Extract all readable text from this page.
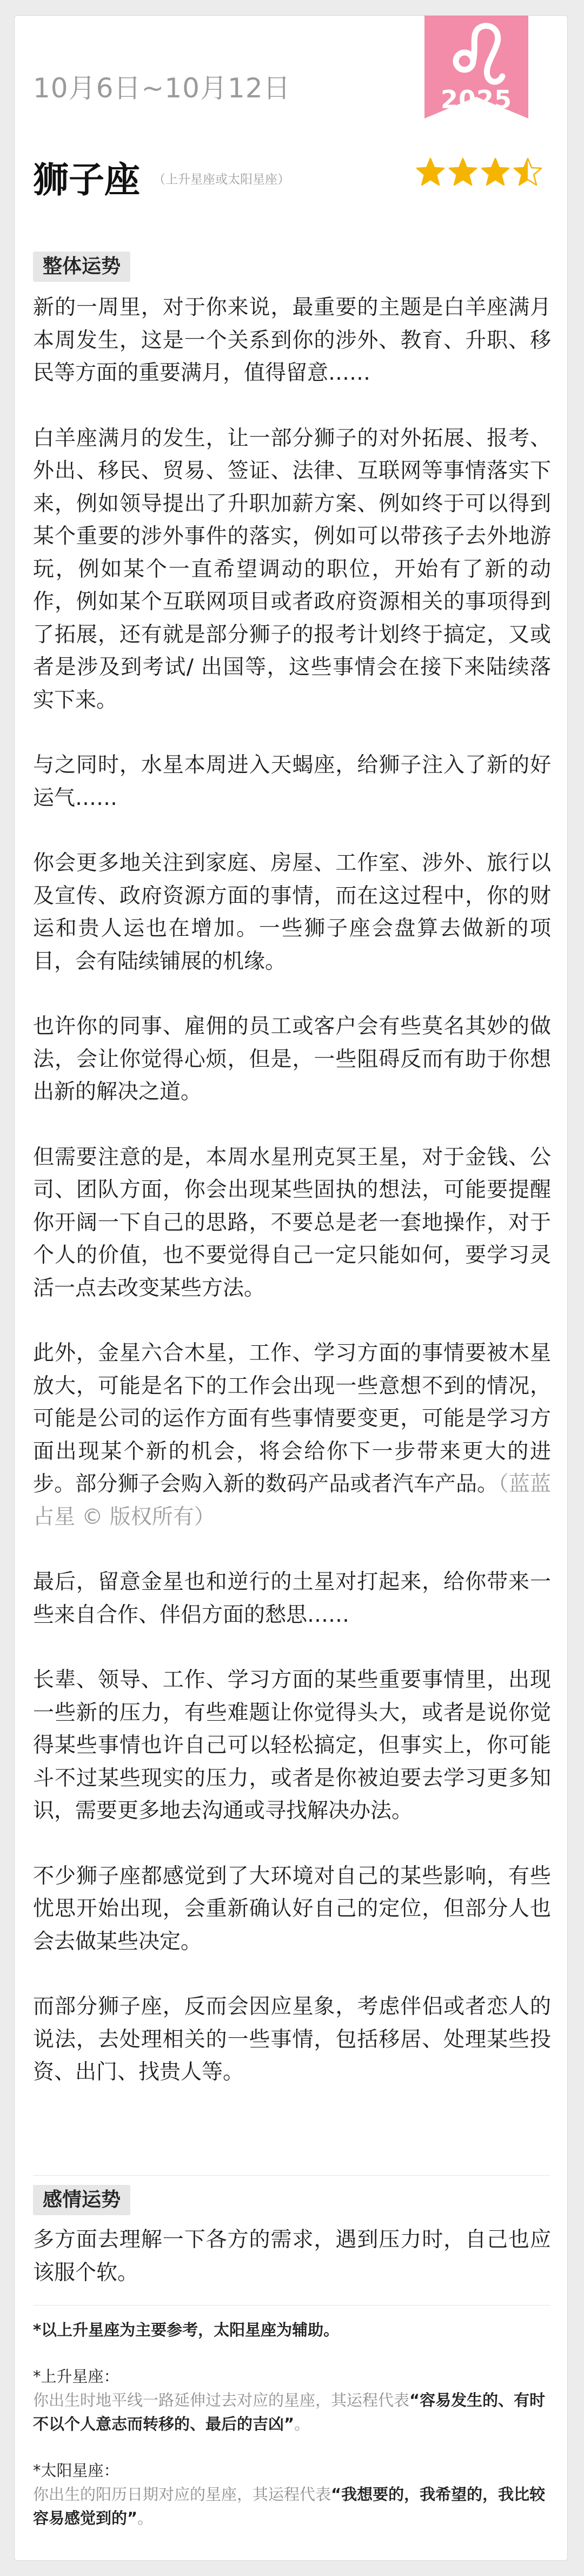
10月6日~10月12日	2025
狮子座 （上升星座或太阳星座）
整体运势

新的一周里，对于你来说，最重要的主题是白羊座满月本周发生，这是一个关系到你的涉外、教育、升职、移民等方面的重要满月，值得留意……

白羊座满月的发生，让一部分狮子的对外拓展、报考、外出、移民、贸易、签证、法律、互联网等事情落实下来，例如领导提出了升职加薪方案、例如终于可以得到某个重要的涉外事件的落实，例如可以带孩子去外地游玩，例如某个一直希望调动的职位，开始有了新的动作，例如某个互联网项目或者政府资源相关的事项得到了拓展，还有就是部分狮子的报考计划终于搞定，又或者是涉及到考试/ 出国等，这些事情会在接下来陆续落实下来。

与之同时，水星本周进入天蝎座，给狮子注入了新的好运气……

你会更多地关注到家庭、房屋、工作室、涉外、旅行以及宣传、政府资源方面的事情，而在这过程中，你的财运和贵人运也在增加。一些狮子座会盘算去做新的项目，会有陆续铺展的机缘。

也许你的同事、雇佣的员工或客户会有些莫名其妙的做法，会让你觉得心烦，但是，一些阻碍反而有助于你想出新的解决之道。

但需要注意的是，本周水星刑克冥王星，对于金钱、公司、团队方面，你会出现某些固执的想法，可能要提醒你开阔一下自己的思路，不要总是老一套地操作，对于个人的价值，也不要觉得自己一定只能如何，要学习灵活一点去改变某些方法。

此外，金星六合木星，工作、学习方面的事情要被木星放大，可能是名下的工作会出现一些意想不到的情况，可能是公司的运作方面有些事情要变更，可能是学习方面出现某个新的机会，将会给你下一步带来更大的进步。部分狮子会购入新的数码产品或者汽车产品。（蓝蓝占星 © 版权所有）

最后，留意金星也和逆行的土星对打起来，给你带来一些来自合作、伴侣方面的愁思……

长辈、领导、工作、学习方面的某些重要事情里，出现一些新的压力，有些难题让你觉得头大，或者是说你觉得某些事情也许自己可以轻松搞定，但事实上，你可能斗不过某些现实的压力，或者是你被迫要去学习更多知识，需要更多地去沟通或寻找解决办法。

不少狮子座都感觉到了大环境对自己的某些影响，有些忧思开始出现，会重新确认好自己的定位，但部分人也会去做某些决定。

而部分狮子座，反而会因应星象，考虑伴侣或者恋人的说法，去处理相关的一些事情，包括移居、处理某些投资、出门、找贵人等。

感情运势
多方面去理解一下各方的需求，遇到压力时，自己也应该服个软。
*以上升星座为主要参考，太阳星座为辅助。
*上升星座：
你出生时地平线一路延伸过去对应的星座，其运程代表“容易发生的、有时不以个人意志而转移的、最后的吉凶”。
*太阳星座：
你出生的阳历日期对应的星座，其运程代表“我想要的，我希望的，我比较容易感觉到的”。
